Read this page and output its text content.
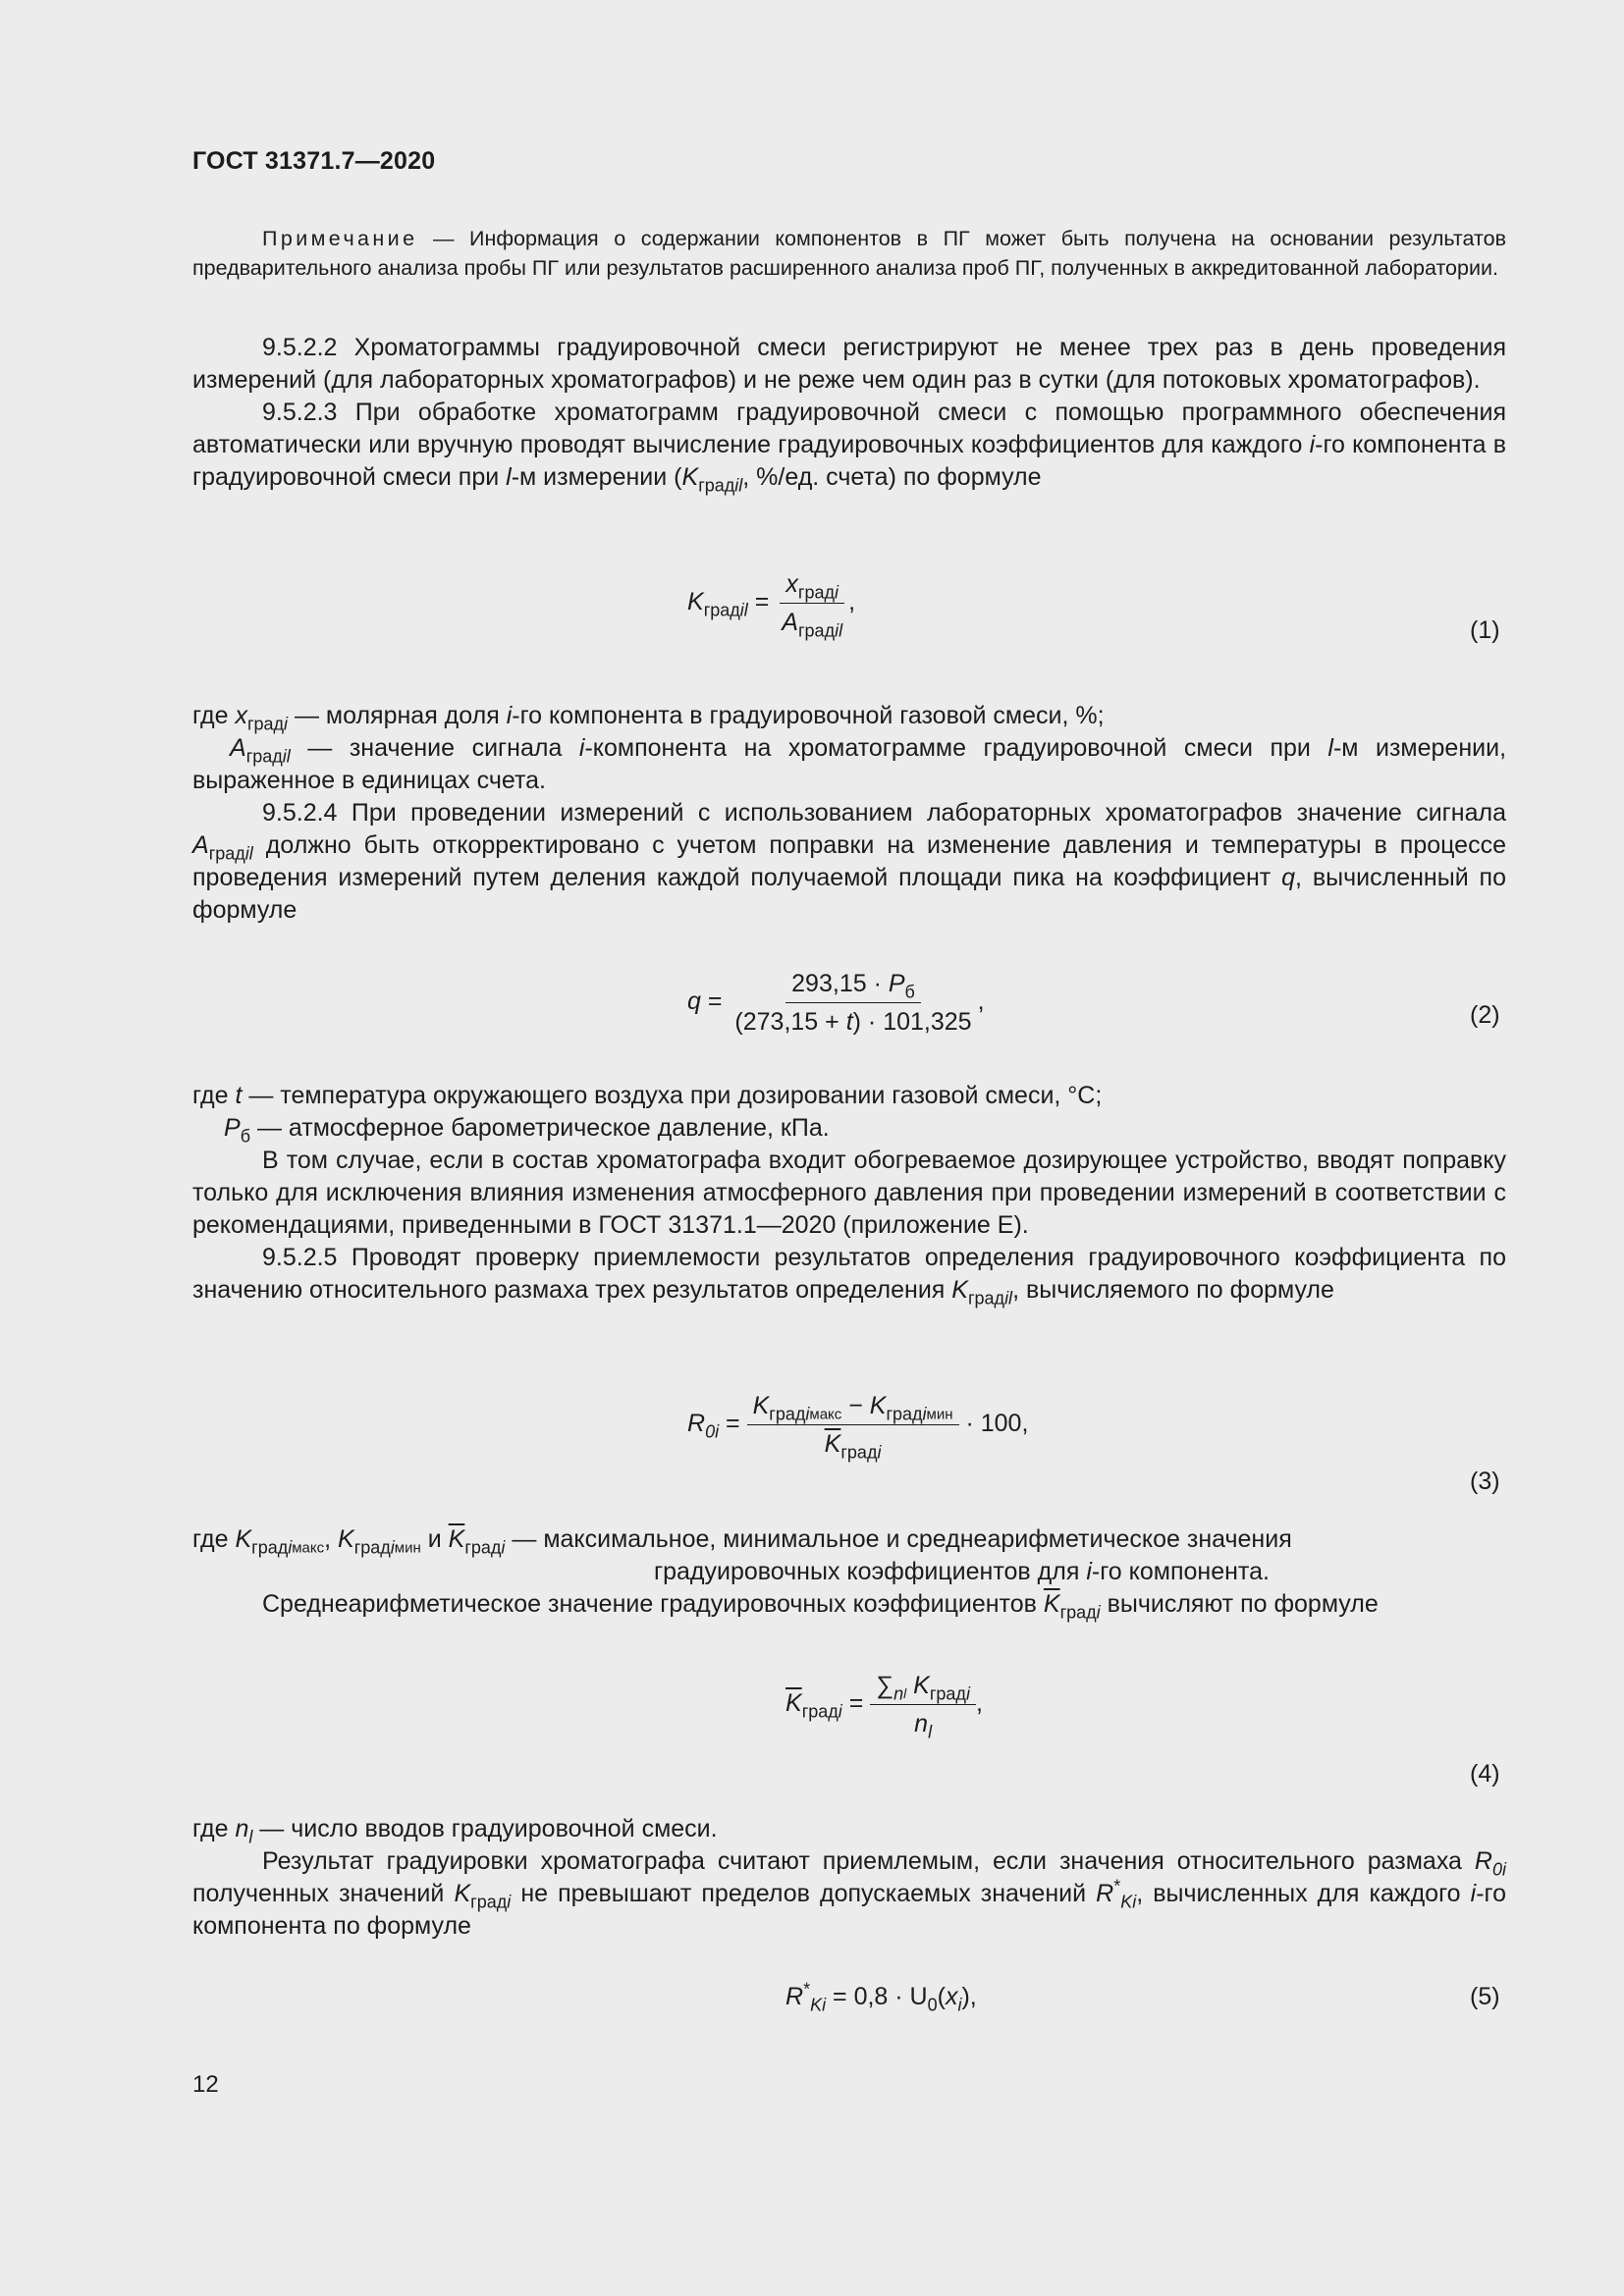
ГОСТ 31371.7—2020

Примечание — Информация о содержании компонентов в ПГ может быть получена на основании результатов предварительного анализа пробы ПГ или результатов расширенного анализа проб ПГ, полученных в аккредитованной лаборатории.

9.5.2.2 Хроматограммы градуировочной смеси регистрируют не менее трех раз в день проведения измерений (для лабораторных хроматографов) и не реже чем один раз в сутки (для потоковых хроматографов).

9.5.2.3 При обработке хроматограмм градуировочной смеси с помощью программного обеспечения автоматически или вручную проводят вычисление градуировочных коэффициентов для каждого i-го компонента в градуировочной смеси при l-м измерении ($K_{градil}$, %/ед. счета) по формуле

$K_{градil} = \frac{x_{градi}}{A_{градil}}$ ,
(1)

где $x_{градi}$ — молярная доля i-го компонента в градуировочной газовой смеси, %;

$A_{градil}$ — значение сигнала i-компонента на хроматограмме градуировочной смеси при l-м измерении, выраженное в единицах счета.

9.5.2.4 При проведении измерений с использованием лабораторных хроматографов значение сигнала $A_{градil}$ должно быть откорректировано с учетом поправки на изменение давления и температуры в процессе проведения измерений путем деления каждой получаемой площади пика на коэффициент q, вычисленный по формуле

$q = \frac{293,15 \cdot P_б}{(273,15 + t) \cdot 101,325}$ ,	(2)

где t — температура окружающего воздуха при дозировании газовой смеси, °С;

$P_б$ — атмосферное барометрическое давление, кПа.

В том случае, если в состав хроматографа входит обогреваемое дозирующее устройство, вводят поправку только для исключения влияния изменения атмосферного давления при проведении измерений в соответствии с рекомендациями, приведенными в ГОСТ 31371.1—2020 (приложение Е).

9.5.2.5 Проводят проверку приемлемости результатов определения градуировочного коэффициента по значению относительного размаха трех результатов определения $K_{градil}$, вычисляемого по формуле

$R_{0i} = \frac{K_{градiмакс} - K_{градiмин}}{\overline{K}_{градi}} \cdot 100$,
(3)

где $K_{градiмакс}$, $K_{градiмин}$ и $\overline{K}_{градi}$ — максимальное, минимальное и среднеарифметическое значения

градуировочных коэффициентов для i-го компонента.

Среднеарифметическое значение градуировочных коэффициентов $\overline{K}_{градi}$ вычисляют по формуле

$\overline{K}_{градi} = \frac{\sum_{nl} K_{градi}}{n_l}$ ,
(4)

где $n_l$ — число вводов градуировочной смеси.

Результат градуировки хроматографа считают приемлемым, если значения относительного размаха $R_{0i}$ полученных значений $K_{градi}$ не превышают пределов допускаемых значений $R^*_{Ki}$, вычисленных для каждого i-го компонента по формуле

$R^*_{Ki} = 0,8 \cdot U_0(x_i)$,	(5)
12
